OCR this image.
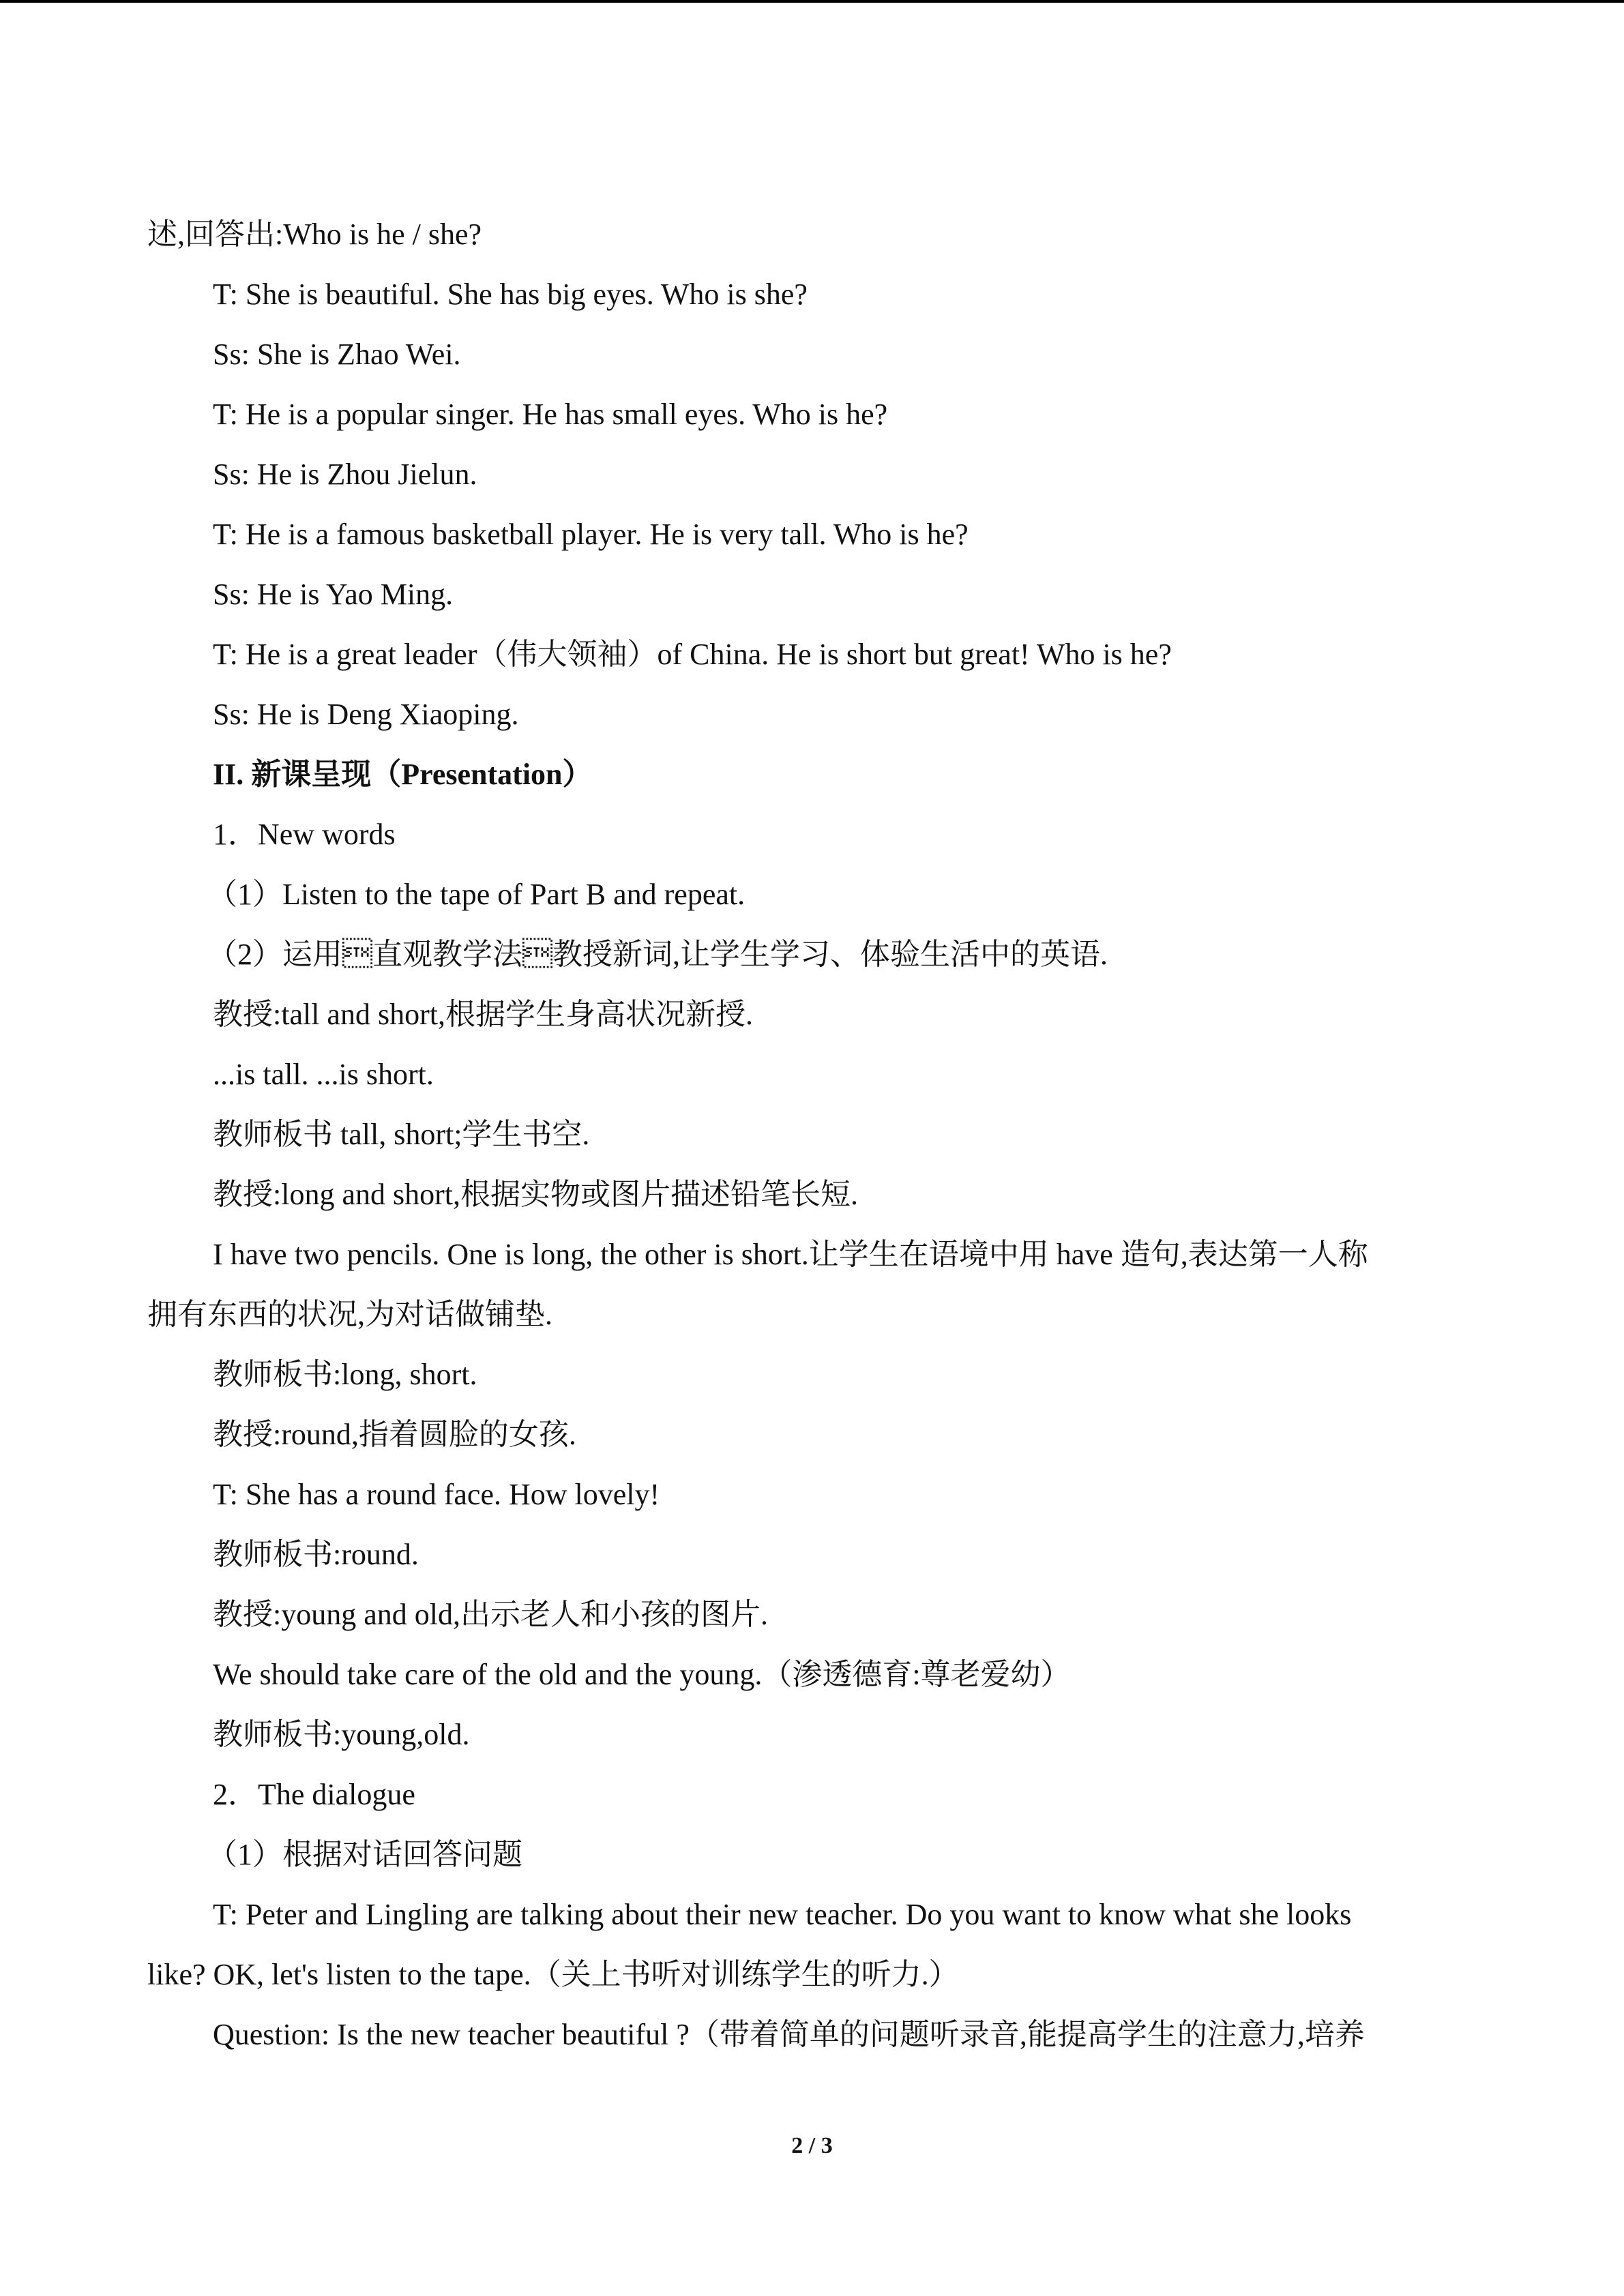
述,回答出:Who is he / she?
T: She is beautiful. She has big eyes. Who is she?
Ss: She is Zhao Wei.
T: He is a popular singer. He has small eyes. Who is he?
Ss: He is Zhou Jielun.
T: He is a famous basketball player. He is very tall. Who is he?
Ss: He is Yao Ming.
T: He is a great leader（伟大领袖）of China. He is short but great! Who is he?
Ss: He is Deng Xiaoping.
II. 新课呈现（Presentation）
1．New words
（1）Listen to the tape of Part B and repeat.
（2）运用直观教学法教授新词,让学生学习、体验生活中的英语.
教授:tall and short,根据学生身高状况新授.
...is tall. ...is short.
教师板书 tall, short;学生书空.
教授:long and short,根据实物或图片描述铅笔长短.
I have two pencils. One is long, the other is short.让学生在语境中用 have 造句,表达第一人称
拥有东西的状况,为对话做铺垫.
教师板书:long, short.
教授:round,指着圆脸的女孩.
T: She has a round face. How lovely!
教师板书:round.
教授:young and old,出示老人和小孩的图片.
We should take care of the old and the young.（渗透德育:尊老爱幼）
教师板书:young,old.
2．The dialogue
（1）根据对话回答问题
T: Peter and Lingling are talking about their new teacher. Do you want to know what she looks
like? OK, let's listen to the tape.（关上书听对训练学生的听力.）
Question: Is the new teacher beautiful ?（带着简单的问题听录音,能提高学生的注意力,培养
2 / 3
